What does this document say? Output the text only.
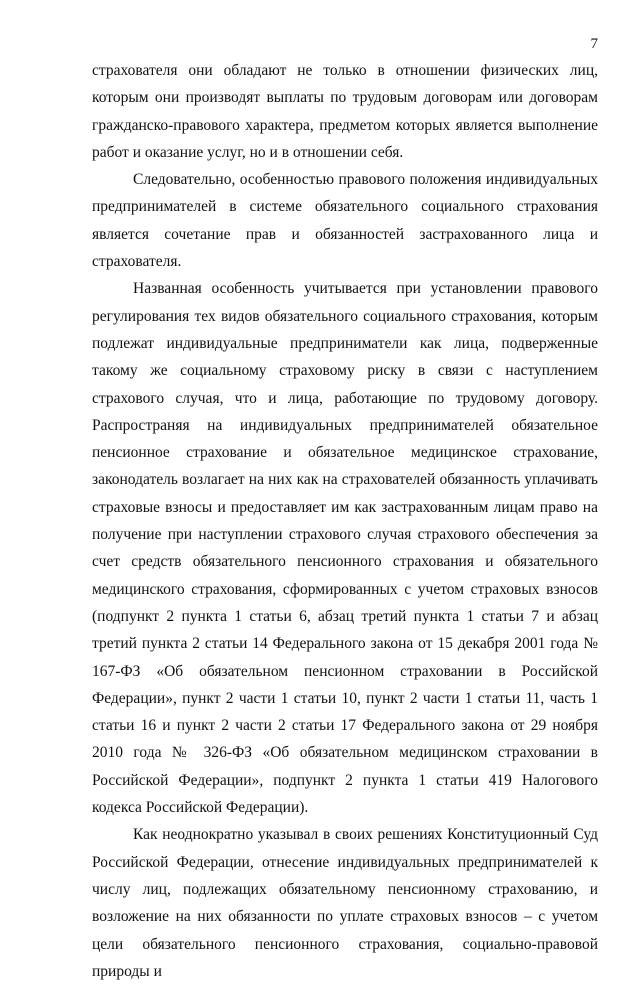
7

страхователя они обладают не только в отношении физических лиц, которым они производят выплаты по трудовым договорам или договорам гражданско-правового характера, предметом которых является выполнение работ и оказание услуг, но и в отношении себя.

Следовательно, особенностью правового положения индивидуальных предпринимателей в системе обязательного социального страхования является сочетание прав и обязанностей застрахованного лица и страхователя.

Названная особенность учитывается при установлении правового регулирования тех видов обязательного социального страхования, которым подлежат индивидуальные предприниматели как лица, подверженные такому же социальному страховому риску в связи с наступлением страхового случая, что и лица, работающие по трудовому договору. Распространяя на индивидуальных предпринимателей обязательное пенсионное страхование и обязательное медицинское страхование, законодатель возлагает на них как на страхователей обязанность уплачивать страховые взносы и предоставляет им как застрахованным лицам право на получение при наступлении страхового случая страхового обеспечения за счет средств обязательного пенсионного страхования и обязательного медицинского страхования, сформированных с учетом страховых взносов (подпункт 2 пункта 1 статьи 6, абзац третий пункта 1 статьи 7 и абзац третий пункта 2 статьи 14 Федерального закона от 15 декабря 2001 года № 167-ФЗ «Об обязательном пенсионном страховании в Российской Федерации», пункт 2 части 1 статьи 10, пункт 2 части 1 статьи 11, часть 1 статьи 16 и пункт 2 части 2 статьи 17 Федерального закона от 29 ноября 2010 года № 326-ФЗ «Об обязательном медицинском страховании в Российской Федерации», подпункт 2 пункта 1 статьи 419 Налогового кодекса Российской Федерации).

Как неоднократно указывал в своих решениях Конституционный Суд Российской Федерации, отнесение индивидуальных предпринимателей к числу лиц, подлежащих обязательному пенсионному страхованию, и возложение на них обязанности по уплате страховых взносов – с учетом цели обязательного пенсионного страхования, социально-правовой природы и
